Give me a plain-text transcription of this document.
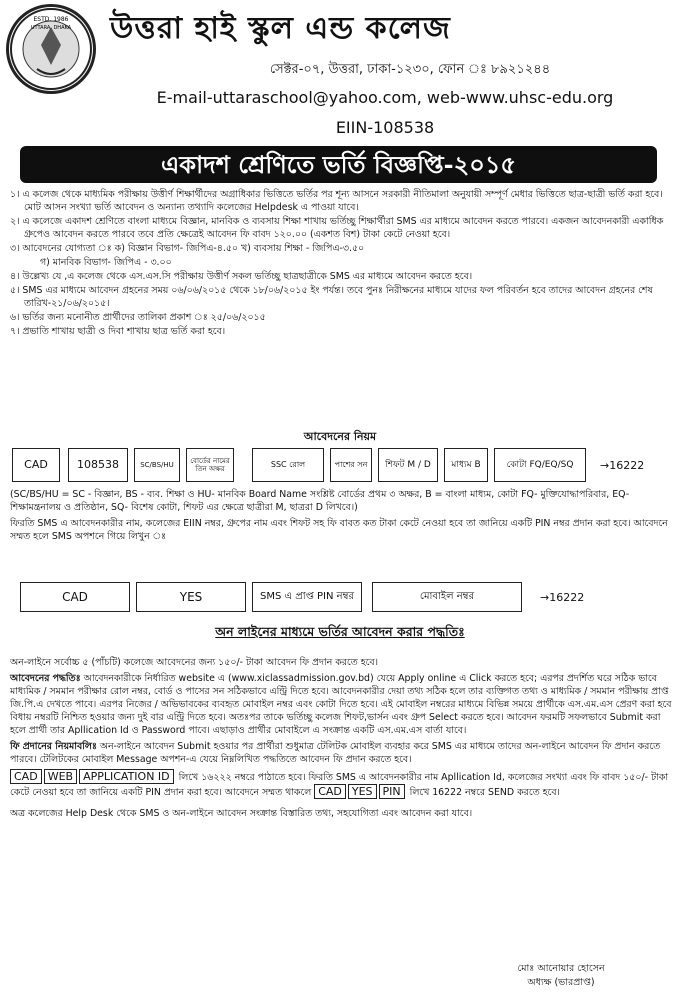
ESTD. 1986
UTTARA, DHAKA উত্তরা হাই স্কুল এন্ড কলেজ
সেক্টর-০৭, উত্তরা, ঢাকা-১২৩০, ফোন ঃ ৮৯২১২৪৪
E-mail-uttaraschool@yahoo.com, web-www.uhsc-edu.org
EIIN-108538
একাদশ শ্রেণিতে ভর্তি বিজ্ঞপ্তি-২০১৫

১। এ কলেজ থেকে মাধ্যমিক পরীক্ষায় উত্তীর্ণ শিক্ষার্থীদের অগ্রাধিকার ভিত্তিতে ভর্তির পর শূন্য আসনে সরকারী নীতিমালা অনুযায়ী সম্পূর্ণ মেধার ভিত্তিতে ছাত্র-ছাত্রী ভর্তি করা হবে। মোট আসন সংখ্যা ভর্তি আবেদন ও অন্যান্য তথ্যাদি কলেজের Helpdesk এ পাওয়া যাবে।

২। এ কলেজে একাদশ শ্রেণিতে বাংলা মাধ্যমে বিজ্ঞান, মানবিক ও ব্যবসায় শিক্ষা শাখায় ভর্তিচ্ছু শিক্ষার্থীরা SMS এর মাধ্যমে আবেদন করতে পারবে। একজন আবেদনকারী একাধিক গ্রুপেও আবেদন করতে পারবে তবে প্রতি ক্ষেত্রেই আবেদন ফি বাবদ ১২০.০০ (একশত বিশ) টাকা কেটে নেওয়া হবে।

৩। আবেদনের যোগ্যতা ঃ ক) বিজ্ঞান বিভাগ- জিপিএ-৪.৫০ খ) ব্যবসায় শিক্ষা - জিপিএ-৩.৫০

গ) মানবিক বিভাগ- জিপিএ - ৩.০০

৪। উল্লেখ্য যে ,এ কলেজ থেকে এস.এস.সি পরীক্ষায় উত্তীর্ণ সকল ভর্তিচ্ছু ছাত্রছাত্রীকে SMS এর মাধ্যমে আবেদন করতে হবে।

৫। SMS এর মাধ্যমে আবেদন গ্রহনের সময় ০৬/০৬/২০১৫ থেকে ১৮/০৬/২০১৫ ইং পর্যন্ত। তবে পুনঃ নিরীক্ষনের মাধ্যমে যাদের ফল পরিবর্তন হবে তাদের আবেদন গ্রহনের শেষ তারিখ-২১/০৬/২০১৫।

৬। ভর্তির জন্য মনোনীত প্রার্থীদের তালিকা প্রকাশ ঃ ২৫/০৬/২০১৫

৭। প্রভাতি শাখায় ছাত্রী ও দিবা শাখায় ছাত্র ভর্তি করা হবে।

আবেদনের নিয়ম
CAD	108538	SC/BS/HU	বোর্ডের নামের তিন অক্ষর	SSC রোল	পাশের সন	শিফট M / D	মাধ্যম B	কোটা FQ/EQ/SQ	→16222

(SC/BS/HU = SC - বিজ্ঞান, BS - ব্যব. শিক্ষা ও HU- মানবিক Board Name সংশ্লিষ্ট বোর্ডের প্রথম ৩ অক্ষর, B = বাংলা মাধ্যম, কোটা FQ- মুক্তিযোদ্ধাপরিবার, EQ- শিক্ষামন্ত্রনালয় ও প্রতিষ্ঠান, SQ- বিশেষ কোটা, শিফট এর ক্ষেত্রে ছাত্রীরা M, ছাত্ররা D লিখবে।)

ফিরতি SMS এ আবেদনকারীর নাম, কলেজের EIIN নম্বর, গ্রুপের নাম এবং শিফট সহ ফি বাবত কত টাকা কেটে নেওয়া হবে তা জানিয়ে একটি PIN নম্বর প্রদান করা হবে। আবেদনে সম্মত হলে SMS অপশনে গিয়ে লিখুন ঃ

CAD	YES	SMS এ প্রাপ্ত PIN নম্বর	মোবাইল নম্বর	→16222
অন লাইনের মাধ্যমে ভর্তির আবেদন করার পদ্ধতিঃ

অন-লাইনে সর্বোচ্চ ৫ (পাঁচটি) কলেজে আবেদনের জন্য ১৫০/- টাকা আবেদন ফি প্রদান করতে হবে।

আবেদনের পদ্ধতিঃ আবেদনকারীকে নির্ধারিত website এ (www.xiclassadmission.gov.bd) যেয়ে Apply online এ Click করতে হবে; এরপর প্রদর্শিত ঘরে সঠিক ভাবে মাধ্যমিক / সমমান পরীক্ষার রোল নম্বর, বোর্ড ও পাসের সন সঠিকভাবে এন্ট্রি দিতে হবে। আবেদনকারীর দেয়া তথ্য সঠিক হলে তার ব্যক্তিগত তথ্য ও মাধ্যমিক / সমমান পরীক্ষায় প্রাপ্ত জি.পি.এ দেখতে পাবে। এরপর নিজের / অভিভাবকের ব্যবহৃত মোবাইল নম্বর এবং কোটা দিতে হবে। এই মোবাইল নম্বরের মাধ্যমে বিভিন্ন সময়ে প্রার্থীকে এস.এম.এস প্রেরণ করা হবে বিধায় নম্বরটি নিশ্চিত হওয়ার জন্য দুই বার এন্ট্রি দিতে হবে। অতঃপর তাকে ভর্তিচ্ছু কলেজ শিফট,ভার্সন এবং গ্রুপ Select করতে হবে। আবেদন ফরমটি সফলভাবে Submit করা হলে প্রার্থী তার Apllication Id ও Password পাবে। এছাড়াও প্রার্থীর মোবাইলে এ সংক্রান্ত একটি এস.এম.এস বার্তা যাবে।

ফি প্রদানের নিয়মাবলিঃ অন-লাইনে আবেদন Submit হওয়ার পর প্রার্থীরা শুধুমাত্র টেলিটক মোবাইল ব্যবহার করে SMS এর মাধ্যমে তাদের অন-লাইনে আবেদন ফি প্রদান করতে পারবে। টেলিটকের মোবাইল Message অপশন-এ যেয়ে নিম্নলিখিত পদ্ধতিতে আবেদন ফি প্রদান করতে হবে।

CAD WEB APPLICATION ID লিখে ১৬২২২ নম্বরে পাঠাতে হবে। ফিরতি SMS এ আবেদনকারীর নাম Apllication Id, কলেজের সংখ্যা এবং ফি বাবদ ১৫০/- টাকা কেটে নেওয়া হবে তা জানিয়ে একটি PIN প্রদান করা হবে। আবেদনে সম্মত থাকলে CAD YES PIN লিখে 16222 নম্বরে SEND করতে হবে।

অত্র কলেজের Help Desk থেকে SMS ও অন-লাইনে আবেদন সংক্রান্ত বিস্তারিত তথ্য, সহযোগিতা এবং আবেদন করা যাবে।

মোঃ আনোয়ার হোসেন
অধ্যক্ষ (ভারপ্রাপ্ত)
